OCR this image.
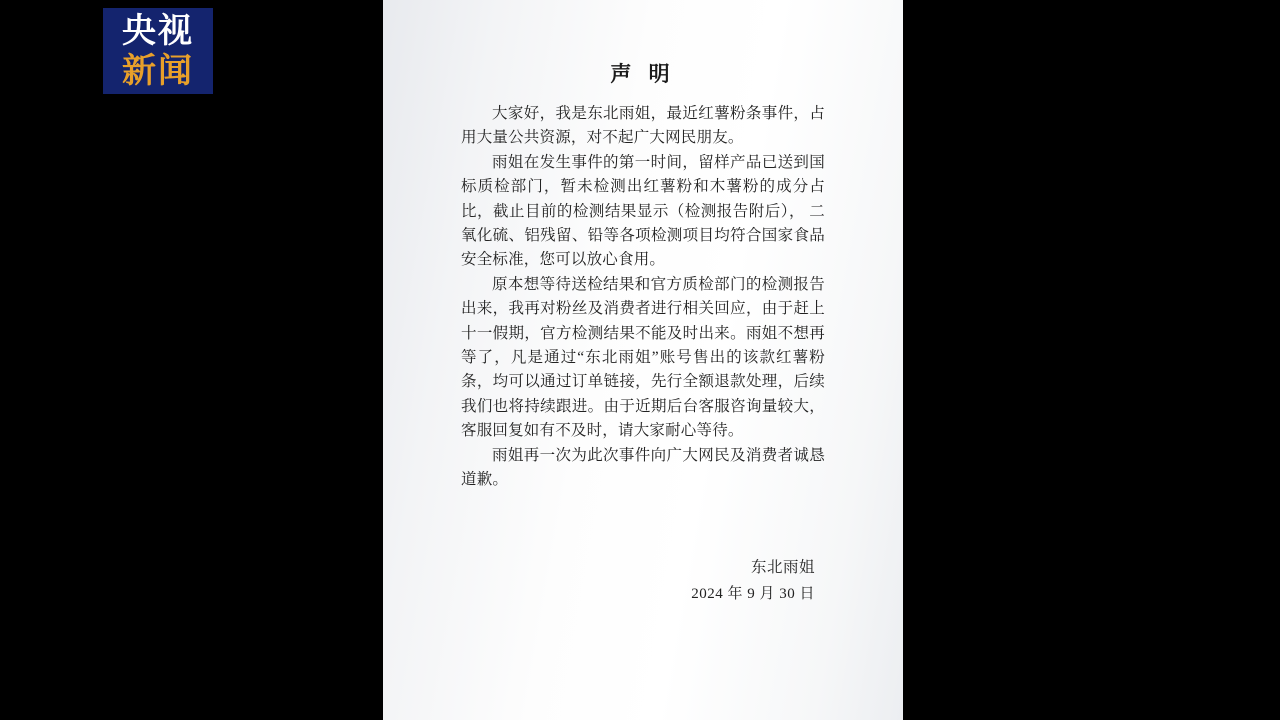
央视
新闻	声 明

大家好，我是东北雨姐，最近红薯粉条事件，占用大量公共资源，对不起广大网民朋友。

雨姐在发生事件的第一时间，留样产品已送到国标质检部门，暂未检测出红薯粉和木薯粉的成分占比，截止目前的检测结果显示（检测报告附后）， 二氧化硫、铝残留、铅等各项检测项目均符合国家食品安全标准，您可以放心食用。

原本想等待送检结果和官方质检部门的检测报告出来，我再对粉丝及消费者进行相关回应，由于赶上十一假期，官方检测结果不能及时出来。雨姐不想再等了，凡是通过“东北雨姐”账号售出的该款红薯粉条，均可以通过订单链接，先行全额退款处理，后续我们也将持续跟进。由于近期后台客服咨询量较大，客服回复如有不及时，请大家耐心等待。

雨姐再一次为此次事件向广大网民及消费者诚恳道歉。

东北雨姐
2024 年 9 月 30 日
